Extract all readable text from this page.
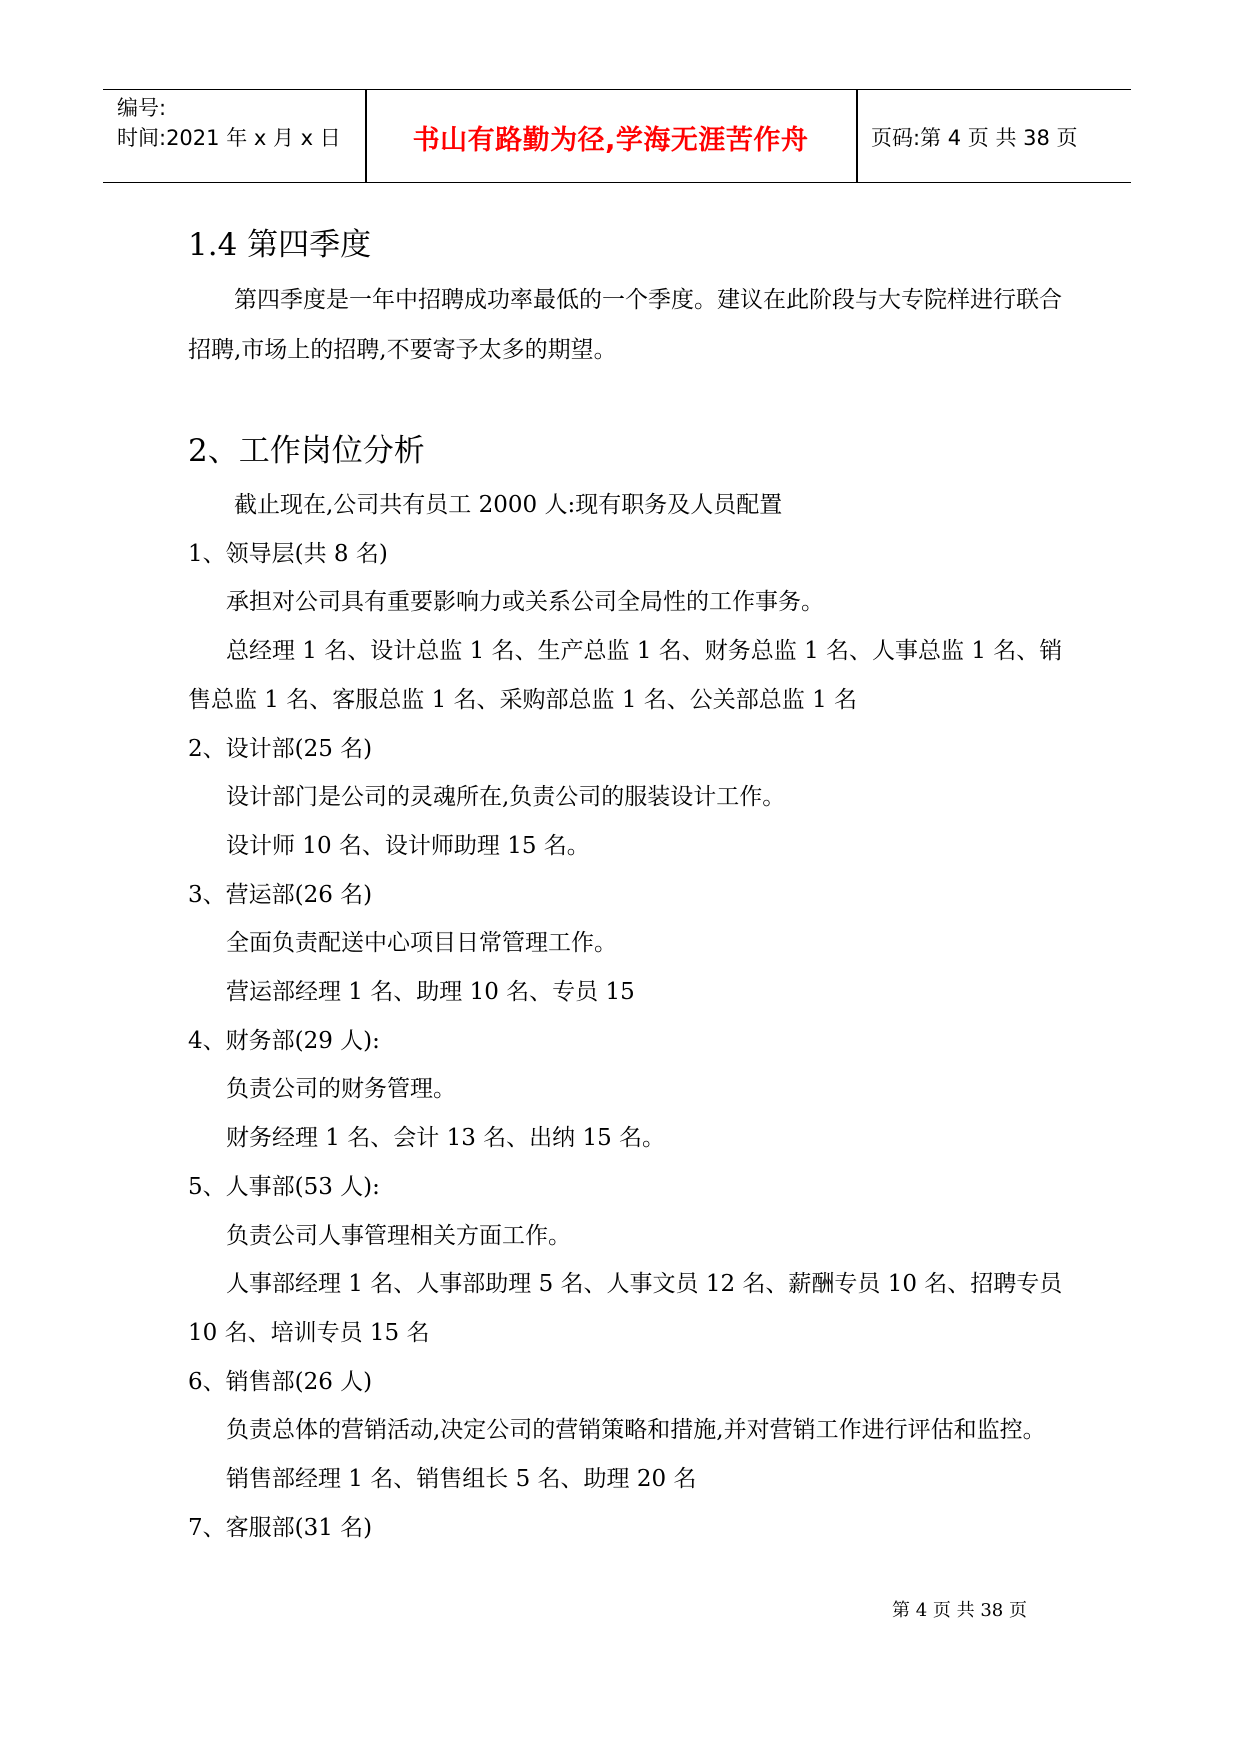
编号:
时间:2021 年 x 月 x 日	书山有路勤为径,学海无涯苦作舟	页码:第 4 页 共 38 页

1.4 第四季度

第四季度是一年中招聘成功率最低的一个季度。建议在此阶段与大专院样进行联合招聘,市场上的招聘,不要寄予太多的期望。

2、工作岗位分析

截止现在,公司共有员工 2000 人:现有职务及人员配置

1、领导层(共 8 名)

承担对公司具有重要影响力或关系公司全局性的工作事务。

总经理 1 名、设计总监 1 名、生产总监 1 名、财务总监 1 名、人事总监 1 名、销售总监 1 名、客服总监 1 名、采购部总监 1 名、公关部总监 1 名

2、设计部(25 名)

设计部门是公司的灵魂所在,负责公司的服装设计工作。

设计师 10 名、设计师助理 15 名。

3、营运部(26 名)

全面负责配送中心项目日常管理工作。

营运部经理 1 名、助理 10 名、专员 15

4、财务部(29 人):

负责公司的财务管理。

财务经理 1 名、会计 13 名、出纳 15 名。

5、人事部(53 人):

负责公司人事管理相关方面工作。

人事部经理 1 名、人事部助理 5 名、人事文员 12 名、薪酬专员 10 名、招聘专员 10 名、培训专员 15 名

6、销售部(26 人)

负责总体的营销活动,决定公司的营销策略和措施,并对营销工作进行评估和监控。

销售部经理 1 名、销售组长 5 名、助理 20 名

7、客服部(31 名)

第 4 页 共 38 页
